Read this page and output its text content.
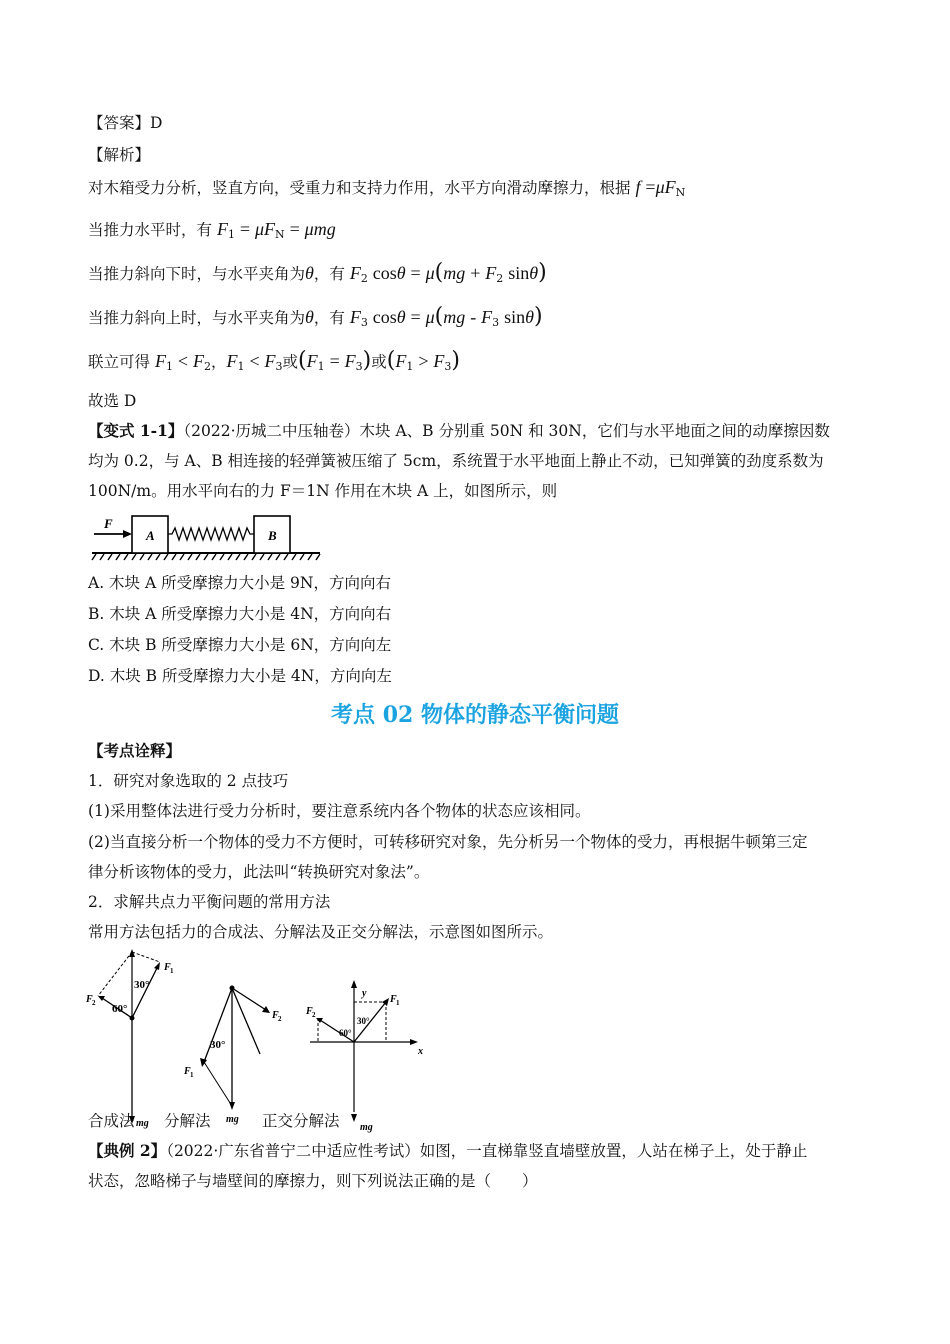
【答案】D
【解析】
对木箱受力分析，竖直方向，受重力和支持力作用，水平方向滑动摩擦力，根据 $f =\mu F_N$
当推力水平时，有 $F_1 = \mu F_N = \mu mg$
当推力斜向下时，与水平夹角为θ，有 $F_2$ $\cos\theta = \mu(mg + F_2$ sinθ)
当推力斜向上时，与水平夹角为θ，有 $F_3$ $\cos\theta = \mu(mg - F_3$ sinθ)
联立可得 $F_1 < F_2$，$F_1 < F_3$或$(F_1 = F_3)$或$(F_1 > F_3)$
故选 D
【变式 1-1】（2022·历城二中压轴卷）木块 A、B 分别重 50N 和 30N，它们与水平地面之间的动摩擦因数
均为 0.2，与 A、B 相连接的轻弹簧被压缩了 5cm，系统置于水平地面上静止不动，已知弹簧的劲度系数为
100N/m。用水平向右的力 F＝1N 作用在木块 A 上，如图所示，则
F
A	B
A. 木块 A 所受摩擦力大小是 9N，方向向右
B. 木块 A 所受摩擦力大小是 4N，方向向右
C. 木块 B 所受摩擦力大小是 6N，方向向左
D. 木块 B 所受摩擦力大小是 4N，方向向左
考点 02 物体的静态平衡问题
【考点诠释】
1．研究对象选取的 2 点技巧
(1)采用整体法进行受力分析时，要注意系统内各个物体的状态应该相同。
(2)当直接分析一个物体的受力不方便时，可转移研究对象，先分析另一个物体的受力，再根据牛顿第三定
律分析该物体的受力，此法叫“转换研究对象法”。
2．求解共点力平衡问题的常用方法
常用方法包括力的合成法、分解法及正交分解法，示意图如图所示。
30°
60°
F 1
F 2
mg
30°
F 2
F 1
mg
30°
60°
F 2
F 1
y
x
mg
合成法 分解法	正交分解法
【典例 2】（2022·广东省普宁二中适应性考试）如图，一直梯靠竖直墙壁放置，人站在梯子上，处于静止
状态，忽略梯子与墙壁间的摩擦力，则下列说法正确的是（　　）
